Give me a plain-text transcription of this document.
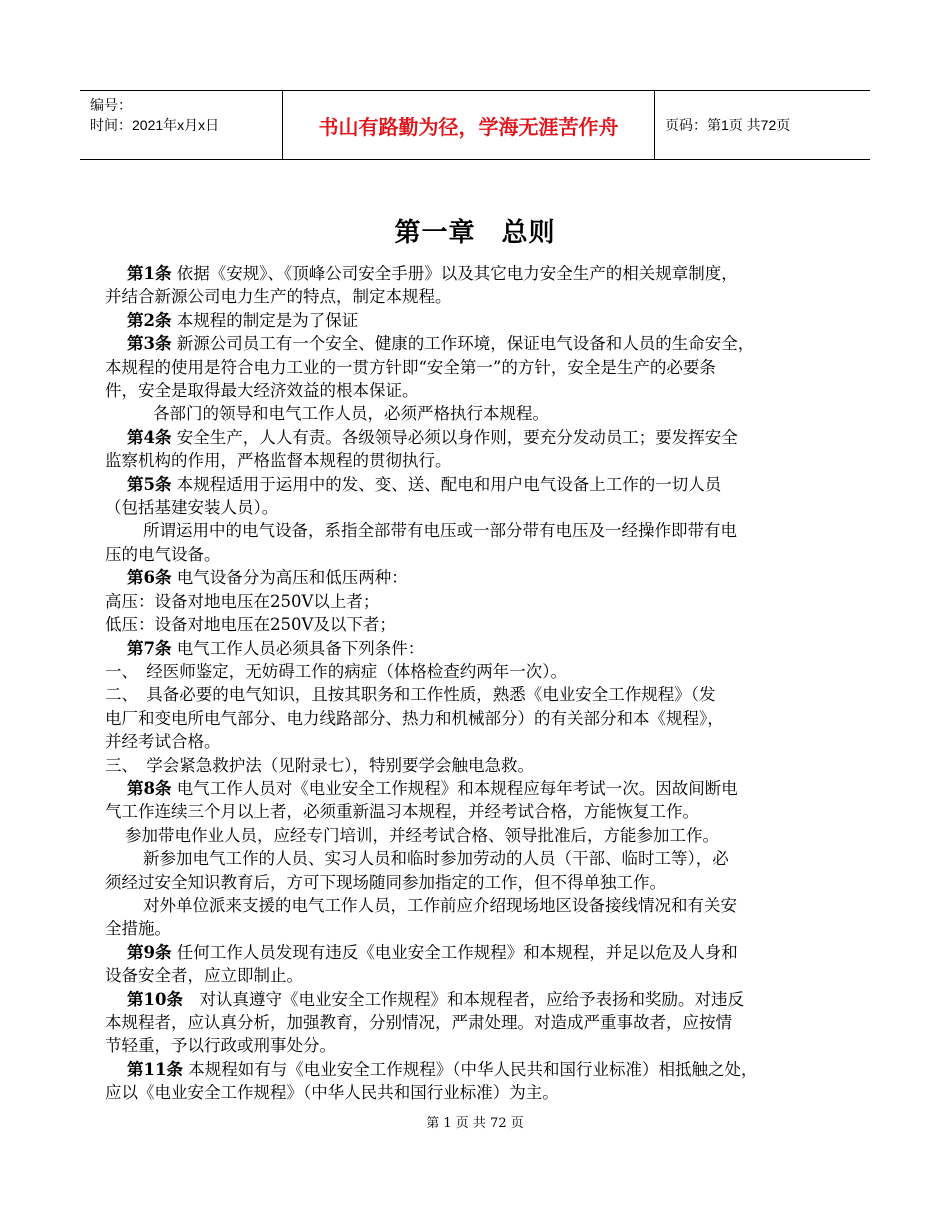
编号：
时间：2021年x月x日	书山有路勤为径，学海无涯苦作舟	页码：第1页 共72页
第一章 总则

第1条 依据《安规》、《顶峰公司安全手册》以及其它电力安全生产的相关规章制度，

并结合新源公司电力生产的特点，制定本规程。

第2条 本规程的制定是为了保证

第3条 新源公司员工有一个安全、健康的工作环境，保证电气设备和人员的生命安全，

本规程的使用是符合电力工业的一贯方针即“安全第一”的方针，安全是生产的必要条

件，安全是取得最大经济效益的根本保证。

各部门的领导和电气工作人员，必须严格执行本规程。

第4条 安全生产，人人有责。各级领导必须以身作则，要充分发动员工；要发挥安全

监察机构的作用，严格监督本规程的贯彻执行。

第5条 本规程适用于运用中的发、变、送、配电和用户电气设备上工作的一切人员

（包括基建安装人员）。

所谓运用中的电气设备，系指全部带有电压或一部分带有电压及一经操作即带有电

压的电气设备。

第6条 电气设备分为高压和低压两种：

高压：设备对地电压在250V以上者；

低压：设备对地电压在250V及以下者；

第7条 电气工作人员必须具备下列条件：

一、　经医师鉴定，无妨碍工作的病症（体格检查约两年一次）。

二、　具备必要的电气知识，且按其职务和工作性质，熟悉《电业安全工作规程》（发

电厂和变电所电气部分、电力线路部分、热力和机械部分）的有关部分和本《规程》，

并经考试合格。

三、　学会紧急救护法（见附录七），特别要学会触电急救。

第8条 电气工作人员对《电业安全工作规程》和本规程应每年考试一次。因故间断电

气工作连续三个月以上者，必须重新温习本规程，并经考试合格，方能恢复工作。

参加带电作业人员，应经专门培训，并经考试合格、领导批准后，方能参加工作。

新参加电气工作的人员、实习人员和临时参加劳动的人员（干部、临时工等），必

须经过安全知识教育后，方可下现场随同参加指定的工作，但不得单独工作。

对外单位派来支援的电气工作人员，工作前应介绍现场地区设备接线情况和有关安

全措施。

第9条 任何工作人员发现有违反《电业安全工作规程》和本规程，并足以危及人身和

设备安全者，应立即制止。

第10条　对认真遵守《电业安全工作规程》和本规程者，应给予表扬和奖励。对违反

本规程者，应认真分析，加强教育，分别情况，严肃处理。对造成严重事故者，应按情

节轻重，予以行政或刑事处分。

第11条 本规程如有与《电业安全工作规程》（中华人民共和国行业标准）相抵触之处，

应以《电业安全工作规程》（中华人民共和国行业标准）为主。

第 1 页 共 72 页
